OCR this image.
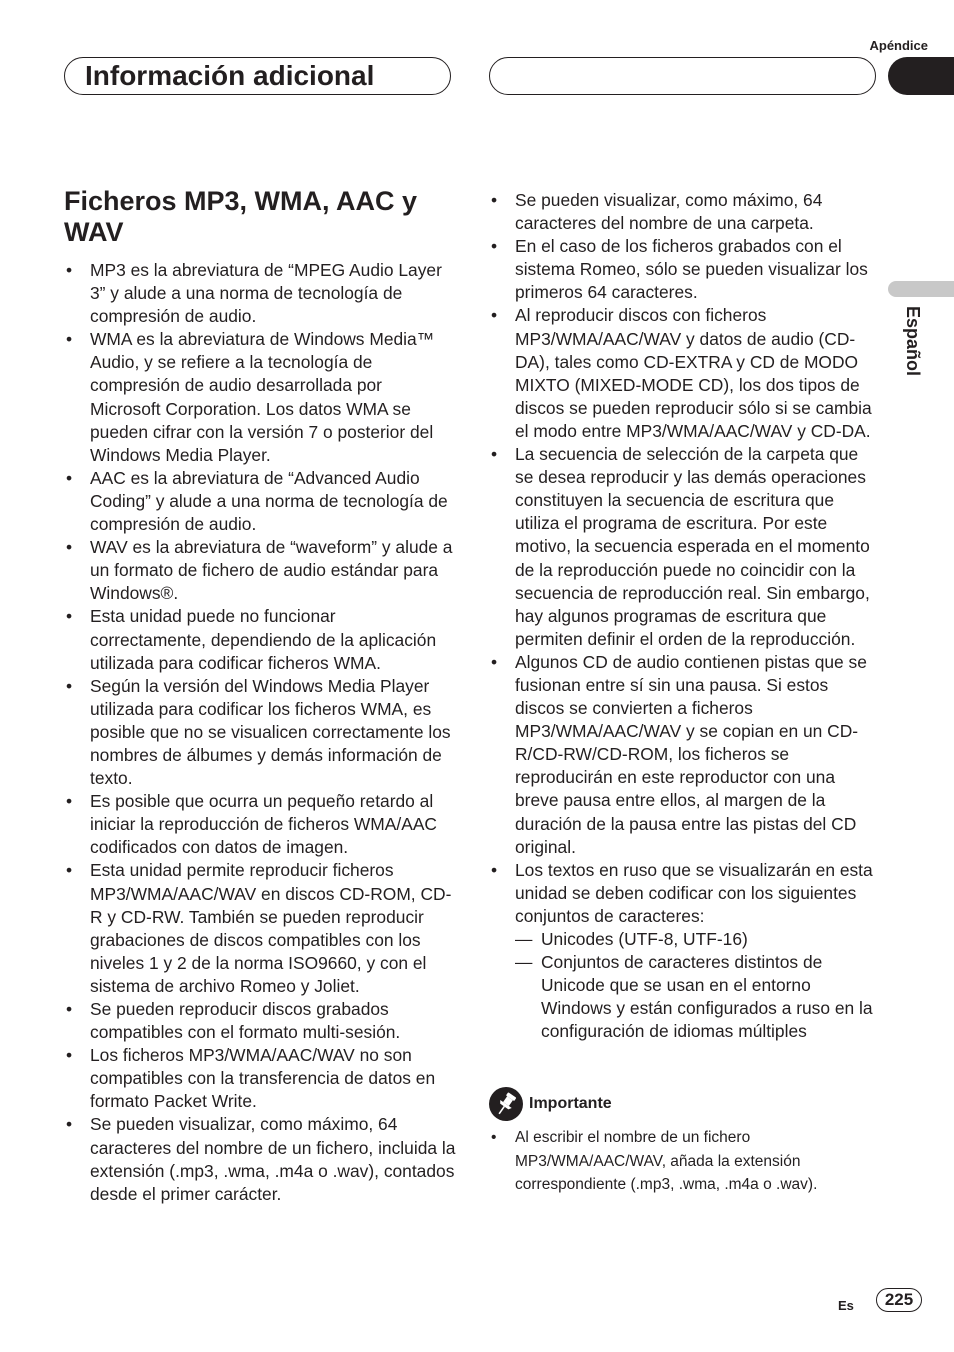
Apéndice
Información adicional
Español
Ficheros MP3, WMA, AAC y WAV
• MP3 es la abreviatura de “MPEG Audio Layer 3” y alude a una norma de tecnología de compresión de audio.
• WMA es la abreviatura de Windows Media™ Audio, y se refiere a la tecnología de compresión de audio desarrollada por Microsoft Corporation. Los datos WMA se pueden cifrar con la versión 7 o posterior del Windows Media Player.
• AAC es la abreviatura de “Advanced Audio Coding” y alude a una norma de tecnología de compresión de audio.
• WAV es la abreviatura de “waveform” y alude a un formato de fichero de audio estándar para Windows®.
• Esta unidad puede no funcionar correctamente, dependiendo de la aplicación utilizada para codificar ficheros WMA.
• Según la versión del Windows Media Player utilizada para codificar los ficheros WMA, es posible que no se visualicen correctamente los nombres de álbumes y demás información de texto.
• Es posible que ocurra un pequeño retardo al iniciar la reproducción de ficheros WMA/AAC codificados con datos de imagen.
• Esta unidad permite reproducir ficheros MP3/WMA/AAC/WAV en discos CD-ROM, CD-R y CD-RW. También se pueden reproducir grabaciones de discos compatibles con los niveles 1 y 2 de la norma ISO9660, y con el sistema de archivo Romeo y Joliet.
• Se pueden reproducir discos grabados compatibles con el formato multi-sesión.
• Los ficheros MP3/WMA/AAC/WAV no son compatibles con la transferencia de datos en formato Packet Write.
• Se pueden visualizar, como máximo, 64 caracteres del nombre de un fichero, incluida la extensión (.mp3, .wma, .m4a o .wav), contados desde el primer carácter.
• Se pueden visualizar, como máximo, 64 caracteres del nombre de una carpeta.
• En el caso de los ficheros grabados con el sistema Romeo, sólo se pueden visualizar los primeros 64 caracteres.
• Al reproducir discos con ficheros MP3/WMA/AAC/WAV y datos de audio (CD-DA), tales como CD-EXTRA y CD de MODO MIXTO (MIXED-MODE CD), los dos tipos de discos se pueden reproducir sólo si se cambia el modo entre MP3/WMA/AAC/WAV y CD-DA.
• La secuencia de selección de la carpeta que se desea reproducir y las demás operaciones constituyen la secuencia de escritura que utiliza el programa de escritura. Por este motivo, la secuencia esperada en el momento de la reproducción puede no coincidir con la secuencia de reproducción real. Sin embargo, hay algunos programas de escritura que permiten definir el orden de la reproducción.
• Algunos CD de audio contienen pistas que se fusionan entre sí sin una pausa. Si estos discos se convierten a ficheros MP3/WMA/AAC/WAV y se copian en un CD-R/CD-RW/CD-ROM, los ficheros se reproducirán en este reproductor con una breve pausa entre ellos, al margen de la duración de la pausa entre las pistas del CD original.
• Los textos en ruso que se visualizarán en esta unidad se deben codificar con los siguientes conjuntos de caracteres:
— Unicodes (UTF-8, UTF-16)
— Conjuntos de caracteres distintos de Unicode que se usan en el entorno Windows y están configurados a ruso en la configuración de idiomas múltiples
Importante
• Al escribir el nombre de un fichero MP3/WMA/AAC/WAV, añada la extensión correspondiente (.mp3, .wma, .m4a o .wav).
Es	225
